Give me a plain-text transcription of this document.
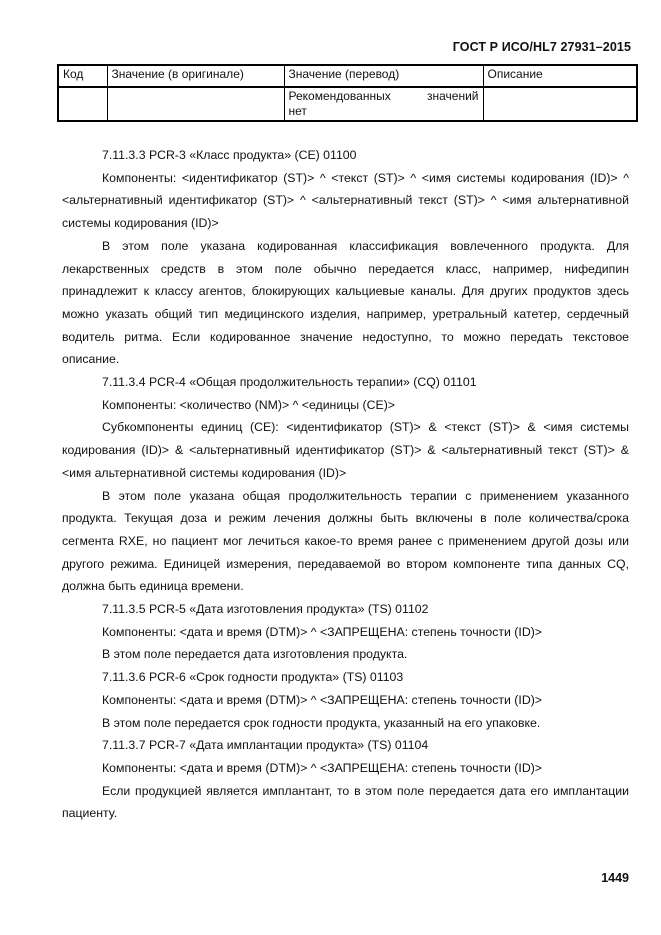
ГОСТ Р ИСО/HL7 27931–2015
Код	Значение (в оригинале)	Значение (перевод)	Описание

		Рекомендованных значений
нет	

7.11.3.3 PCR-3 «Класс продукта» (CE) 01100

Компоненты: <идентификатор (ST)> ^ <текст (ST)> ^ <имя системы кодирования (ID)> ^ <альтернативный идентификатор (ST)> ^ <альтернативный текст (ST)> ^ <имя альтернативной системы кодирования (ID)>

В этом поле указана кодированная классификация вовлеченного продукта. Для лекарственных средств в этом поле обычно передается класс, например, нифедипин принадлежит к классу агентов, блокирующих кальциевые каналы. Для других продуктов здесь можно указать общий тип медицинского изделия, например, уретральный катетер, сердечный водитель ритма. Если кодированное значение недоступно, то можно передать текстовое описание.

7.11.3.4 PCR-4 «Общая продолжительность терапии» (CQ) 01101

Компоненты: <количество (NM)> ^ <единицы (CE)>

Субкомпоненты единиц (CE): <идентификатор (ST)> & <текст (ST)> & <имя системы кодирования (ID)> & <альтернативный идентификатор (ST)> & <альтернативный текст (ST)> & <имя альтернативной системы кодирования (ID)>

В этом поле указана общая продолжительность терапии с применением указанного продукта. Текущая доза и режим лечения должны быть включены в поле количества/срока сегмента RXE, но пациент мог лечиться какое-то время ранее с применением другой дозы или другого режима. Единицей измерения, передаваемой во втором компоненте типа данных CQ, должна быть единица времени.

7.11.3.5 PCR-5 «Дата изготовления продукта» (TS) 01102

Компоненты: <дата и время (DTM)> ^ <ЗАПРЕЩЕНА: степень точности (ID)>

В этом поле передается дата изготовления продукта.

7.11.3.6 PCR-6 «Срок годности продукта» (TS) 01103

Компоненты: <дата и время (DTM)> ^ <ЗАПРЕЩЕНА: степень точности (ID)>

В этом поле передается срок годности продукта, указанный на его упаковке.

7.11.3.7 PCR-7 «Дата имплантации продукта» (TS) 01104

Компоненты: <дата и время (DTM)> ^ <ЗАПРЕЩЕНА: степень точности (ID)>

Если продукцией является имплантант, то в этом поле передается дата его имплантации пациенту.

1449
